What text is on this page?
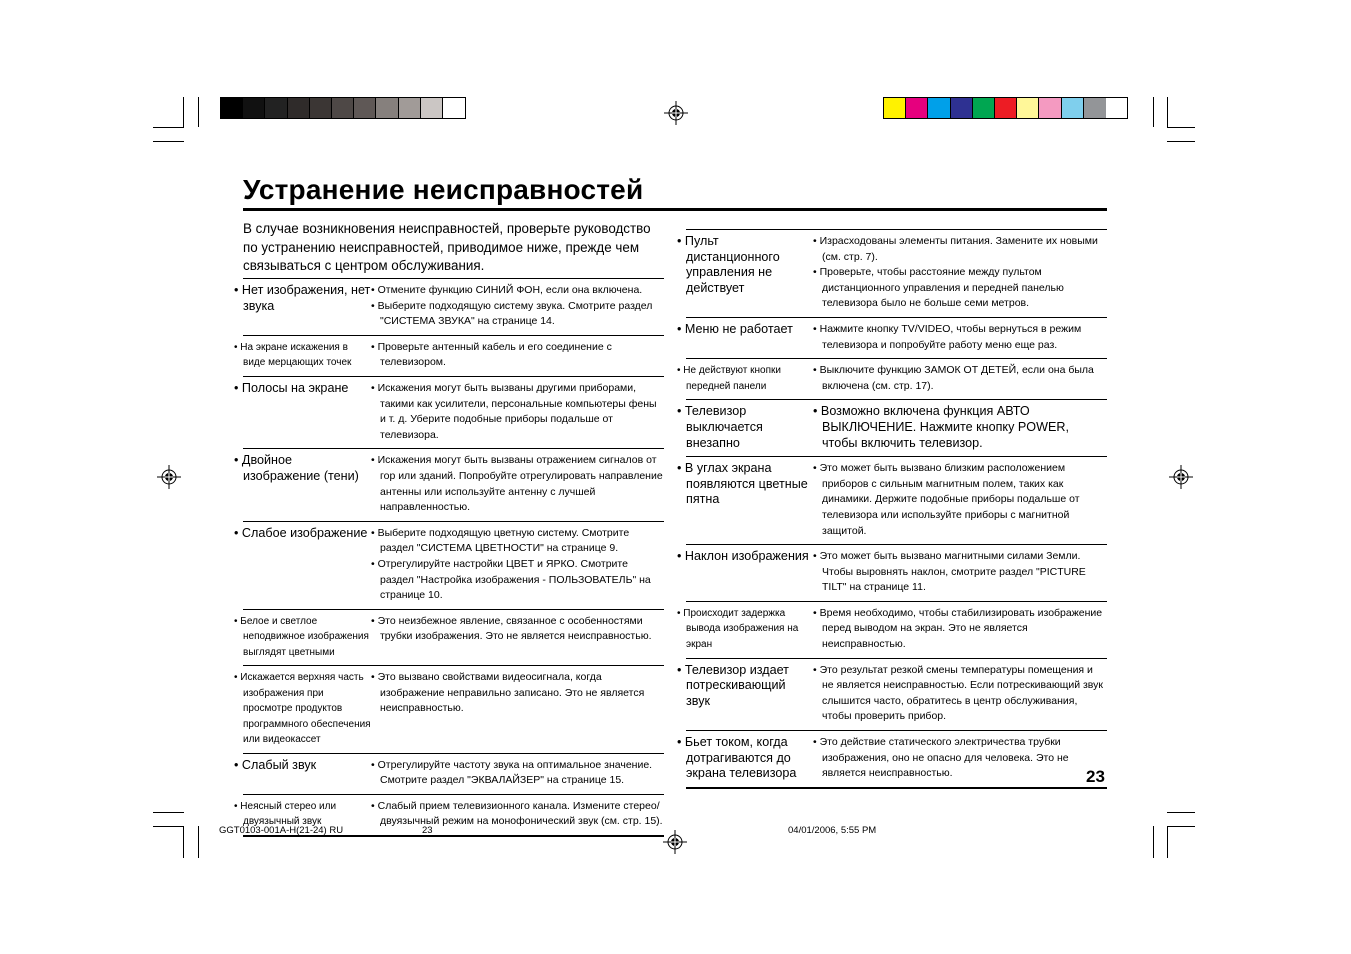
Устранение неисправностей
В случае возникновения неисправностей, проверьте руководство по устранению неисправностей, приводимое ниже, прежде чем связываться с центром обслуживания.
• Нет изображения, нет звука	• Отмените функцию СИНИЙ ФОН, если она включена.

• Выберите подходящую систему звука. Смотрите раздел "СИСТЕМА ЗВУКА" на странице 14.

• На экране искажения в виде мерцающих точек	• Проверьте антенный кабель и его соединение с телевизором.

• Полосы на экране	• Искажения могут быть вызваны другими приборами, такими как усилители, персональные компьютеры фены и т. д. Уберите подобные приборы подальше от телевизора.

• Двойное изображение (тени)	• Искажения могут быть вызваны отражением сигналов от гор или зданий. Попробуйте отрегулировать направление антенны или используйте антенну с лучшей направленностью.

• Слабое изображение	• Выберите подходящую цветную систему. Смотрите раздел "СИСТЕМА ЦВЕТНОСТИ" на странице 9.

• Отрегулируйте настройки ЦВЕТ и ЯРКО. Смотрите раздел "Настройка изображения - ПОЛЬЗОВАТЕЛЬ" на странице 10.

• Белое и светлое неподвижное изображения выглядят цветными	• Это неизбежное явление, связанное с особенностями трубки изображения. Это не является неисправностью.

• Искажается верхняя часть изображения при просмотре продуктов программного обеспечения или видеокассет	• Это вызвано свойствами видеосигнала, когда изображение неправильно записано. Это не является неисправностью.

• Слабый звук	• Отрегулируйте частоту звука на оптимальное значение. Смотрите раздел "ЭКВАЛАЙЗЕР" на странице 15.

• Неясный стерео или двуязычный звук	• Слабый прием телевизионного канала. Измените стерео/двуязычный режим на монофонический звук (см. стр. 15).

• Пульт дистанционного управления не действует	• Израсходованы элементы питания. Замените их новыми (см. стр. 7).

• Проверьте, чтобы расстояние между пультом дистанционного управления и передней панелью телевизора было не больше семи метров.

• Меню не работает	• Нажмите кнопку TV/VIDEO, чтобы вернуться в режим телевизора и попробуйте работу меню еще раз.

• Не действуют кнопки передней панели	• Выключите функцию ЗАМОК ОТ ДЕТЕЙ, если она была включена (см. стр. 17).

• Телевизор выключается внезапно	• Возможно включена функция АВТО ВЫКЛЮЧЕНИЕ. Нажмите кнопку POWER, чтобы включить телевизор.

• В углах экрана появляются цветные пятна	• Это может быть вызвано близким расположением приборов с сильным магнитным полем, таких как динамики. Держите подобные приборы подальше от телевизора или используйте приборы с магнитной защитой.

• Наклон изображения	• Это может быть вызвано магнитными силами Земли. Чтобы выровнять наклон, смотрите раздел "PICTURE TILT" на странице 11.

• Происходит задержка вывода изображения на экран	• Время необходимо, чтобы стабилизировать изображение перед выводом на экран. Это не является неисправностью.

• Телевизор издает потрескивающий звук	• Это результат резкой смены температуры помещения и не является неисправностью. Если потрескивающий звук слышится часто, обратитесь в центр обслуживания, чтобы проверить прибор.

• Бьет током, когда дотрагиваются до экрана телевизора	• Это действие статического электричества трубки изображения, оно не опасно для человека. Это не является неисправностью.	23
GGT0103-001A-H(21-24) RU	23	04/01/2006, 5:55 PM
